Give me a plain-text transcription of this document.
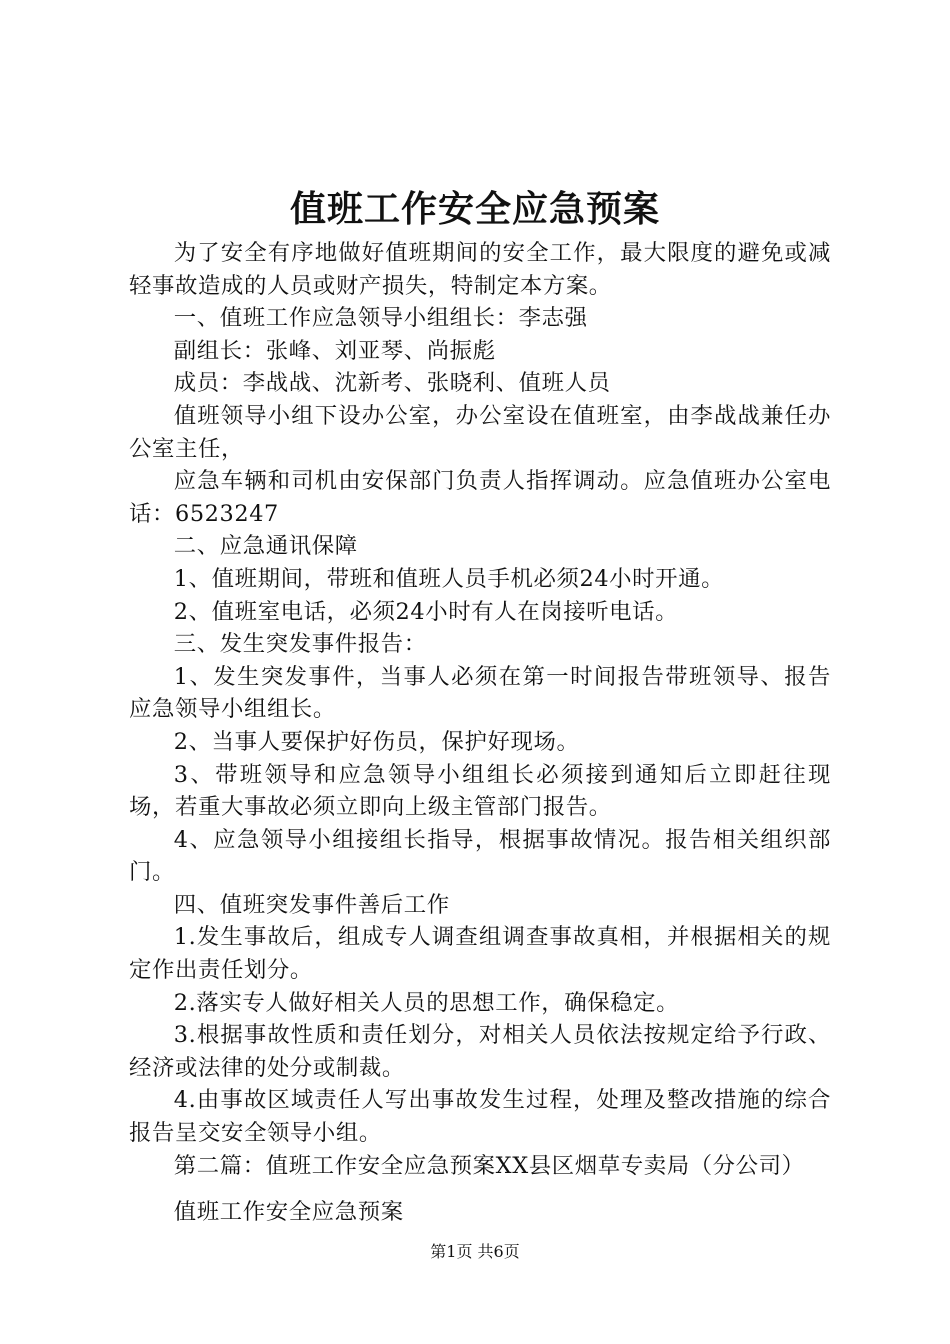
值班工作安全应急预案

为了安全有序地做好值班期间的安全工作，最大限度的避免或减轻事故造成的人员或财产损失，特制定本方案。

一、值班工作应急领导小组组长：李志强

副组长：张峰、刘亚琴、尚振彪

成员：李战战、沈新考、张晓利、值班人员

值班领导小组下设办公室，办公室设在值班室，由李战战兼任办公室主任，

应急车辆和司机由安保部门负责人指挥调动。应急值班办公室电话：6523247

二、应急通讯保障

1、值班期间，带班和值班人员手机必须24小时开通。

2、值班室电话，必须24小时有人在岗接听电话。

三、发生突发事件报告：

1、发生突发事件，当事人必须在第一时间报告带班领导、报告应急领导小组组长。

2、当事人要保护好伤员，保护好现场。

3、带班领导和应急领导小组组长必须接到通知后立即赶往现场，若重大事故必须立即向上级主管部门报告。

4、应急领导小组接组长指导，根据事故情况。报告相关组织部门。

四、值班突发事件善后工作

1.发生事故后，组成专人调查组调查事故真相，并根据相关的规定作出责任划分。

2.落实专人做好相关人员的思想工作，确保稳定。

3.根据事故性质和责任划分，对相关人员依法按规定给予行政、经济或法律的处分或制裁。

4.由事故区域责任人写出事故发生过程，处理及整改措施的综合报告呈交安全领导小组。

第二篇：值班工作安全应急预案XX县区烟草专卖局（分公司）

值班工作安全应急预案

第1页 共6页
